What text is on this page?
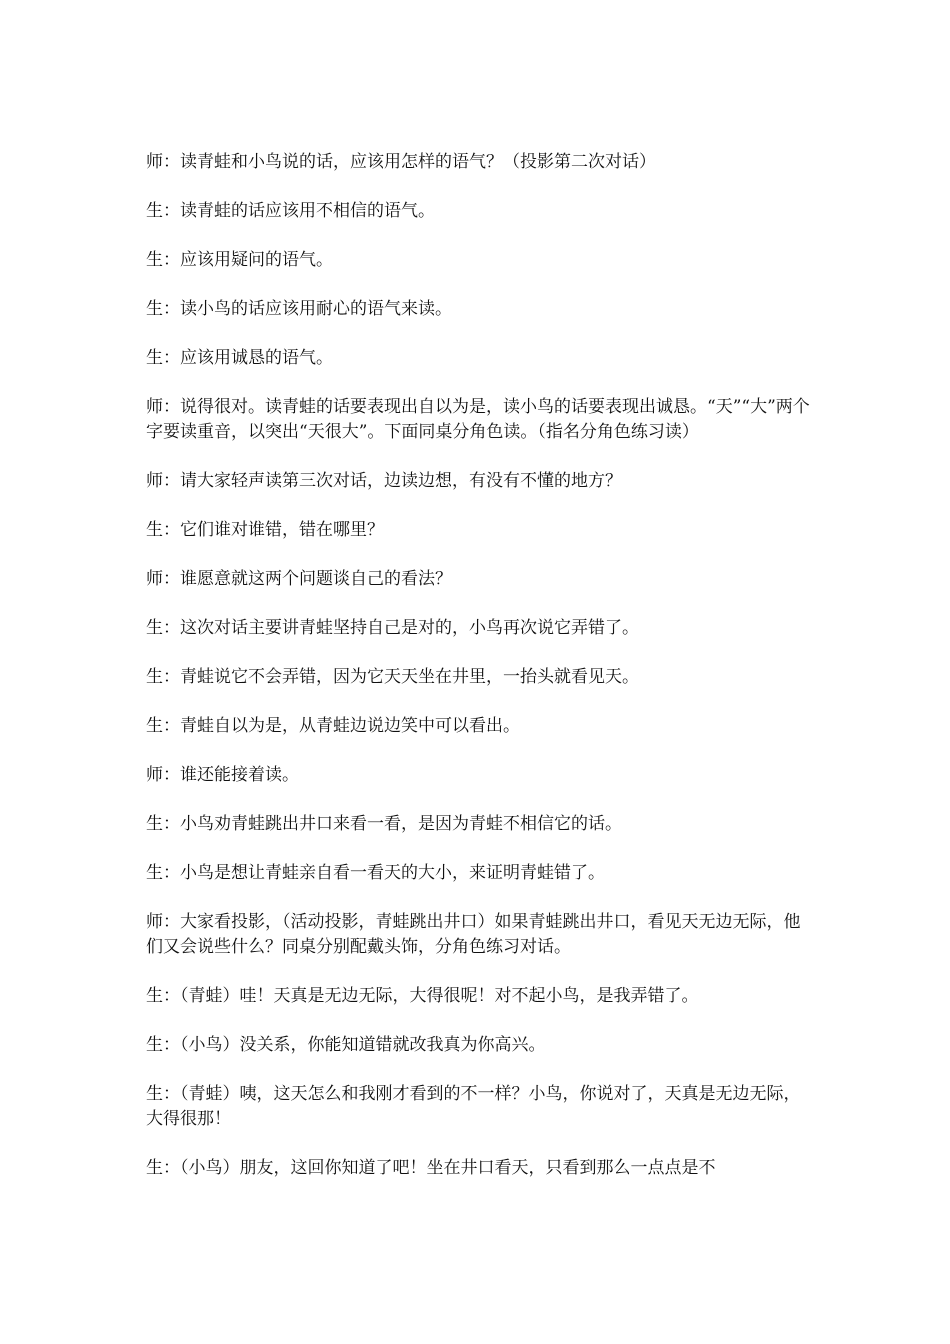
师：读青蛙和小鸟说的话，应该用怎样的语气？（投影第二次对话）

生：读青蛙的话应该用不相信的语气。

生：应该用疑问的语气。

生：读小鸟的话应该用耐心的语气来读。

生：应该用诚恳的语气。

师：说得很对。读青蛙的话要表现出自以为是，读小鸟的话要表现出诚恳。“天”“大”两个字要读重音，以突出“天很大”。下面同桌分角色读。（指名分角色练习读）

师：请大家轻声读第三次对话，边读边想，有没有不懂的地方？

生：它们谁对谁错，错在哪里？

师：谁愿意就这两个问题谈自己的看法？

生：这次对话主要讲青蛙坚持自己是对的，小鸟再次说它弄错了。

生：青蛙说它不会弄错，因为它天天坐在井里，一抬头就看见天。

生：青蛙自以为是，从青蛙边说边笑中可以看出。

师：谁还能接着读。

生：小鸟劝青蛙跳出井口来看一看，是因为青蛙不相信它的话。

生：小鸟是想让青蛙亲自看一看天的大小，来证明青蛙错了。

师：大家看投影，（活动投影，青蛙跳出井口）如果青蛙跳出井口，看见天无边无际，他们又会说些什么？同桌分别配戴头饰，分角色练习对话。

生：（青蛙）哇！天真是无边无际，大得很呢！对不起小鸟，是我弄错了。

生：（小鸟）没关系，你能知道错就改我真为你高兴。

生：（青蛙）咦，这天怎么和我刚才看到的不一样？小鸟，你说对了，天真是无边无际，大得很那！

生：（小鸟）朋友，这回你知道了吧！坐在井口看天，只看到那么一点点是不
